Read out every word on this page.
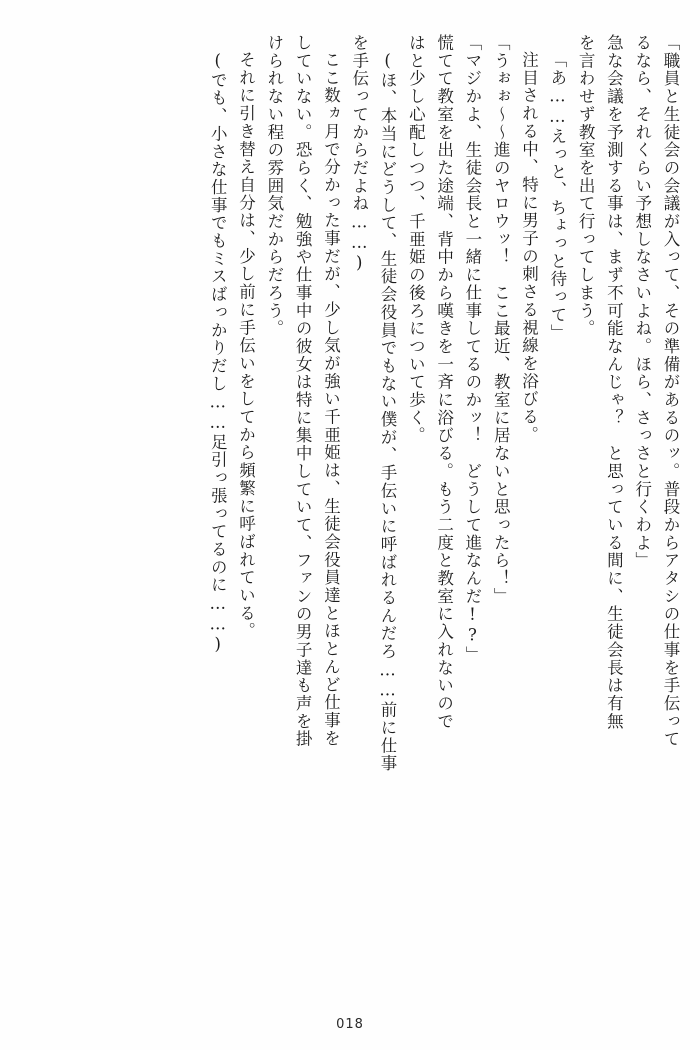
「職員と生徒会の会議が入って、その準備があるのッ。普段からアタシの仕事を手伝って
るなら、それくらい予想しなさいよね。ほら、さっさと行くわよ」
急な会議を予測する事は、まず不可能なんじゃ？　と思っている間に、生徒会長は有無
を言わせず教室を出て行ってしまう。
「あ……えっと、ちょっと待って」
注目される中、特に男子の刺さる視線を浴びる。
「うぉぉ～～進のヤロウッ！　ここ最近、教室に居ないと思ったら！」
「マジかよ、生徒会長と一緒に仕事してるのかッ！　どうして進なんだ!?」
慌てて教室を出た途端、背中から嘆きを一斉に浴びる。もう二度と教室に入れないので
はと少し心配しつつ、千亜姫の後ろについて歩く。
(ほ、本当にどうして、生徒会役員でもない僕が、手伝いに呼ばれるんだろ……前に仕事
を手伝ってからだよね……)
ここ数ヵ月で分かった事だが、少し気が強い千亜姫は、生徒会役員達とほとんど仕事を
していない。恐らく、勉強や仕事中の彼女は特に集中していて、ファンの男子達も声を掛
けられない程の雰囲気だからだろう。
それに引き替え自分は、少し前に手伝いをしてから頻繁に呼ばれている。
(でも、小さな仕事でもミスばっかりだし……足引っ張ってるのに……)
018
